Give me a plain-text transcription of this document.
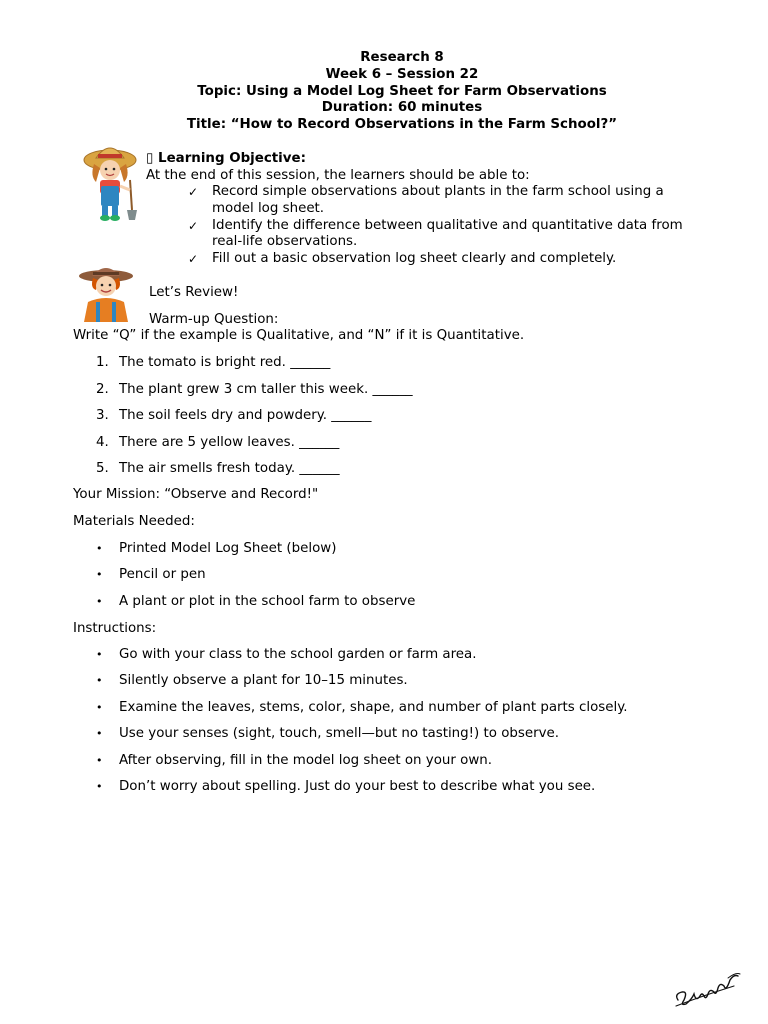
Research 8
Week 6 – Session 22
Topic: Using a Model Log Sheet for Farm Observations
Duration: 60 minutes
Title: “How to Record Observations in the Farm School?”
▯ Learning Objective:
At the end of this session, the learners should be able to:
✓ Record simple observations about plants in the farm school using a model log sheet.
✓ Identify the difference between qualitative and quantitative data from real-life observations.
✓ Fill out a basic observation log sheet clearly and completely.
Let’s Review!
Warm-up Question:
Write “Q” if the example is Qualitative, and “N” if it is Quantitative.
1. The tomato is bright red. ______
2. The plant grew 3 cm taller this week. ______
3. The soil feels dry and powdery. ______
4. There are 5 yellow leaves. ______
5. The air smells fresh today. ______
Your Mission: “Observe and Record!"
Materials Needed:
• Printed Model Log Sheet (below)
• Pencil or pen
• A plant or plot in the school farm to observe
Instructions:
• Go with your class to the school garden or farm area.
• Silently observe a plant for 10–15 minutes.
• Examine the leaves, stems, color, shape, and number of plant parts closely.
• Use your senses (sight, touch, smell—but no tasting!) to observe.
• After observing, fill in the model log sheet on your own.
• Don’t worry about spelling. Just do your best to describe what you see.
